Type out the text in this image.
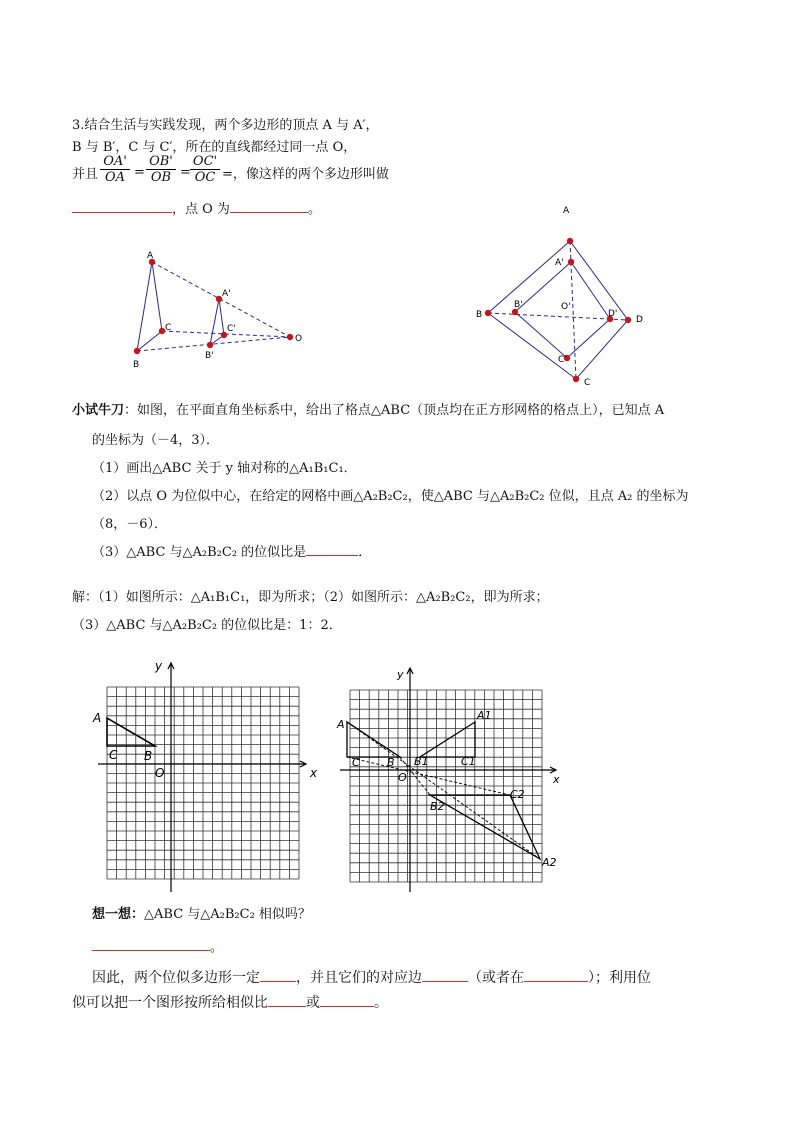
3.结合生活与实践发现，两个多边形的顶点 A 与 A′，
B 与 B′，C 与 C′，所在的直线都经过同一点 O，
并且 $\frac{OA'}{OA} = \frac{OB'}{OB} = \frac{OC'}{OC}$ =，像这样的两个多边形叫做
，点 O 为	。
A
B
C
A'
B'
C'
O
A
A'
B
B'
C
C'
D
D'
O'
小试牛刀：如图，在平面直角坐标系中，给出了格点△ABC（顶点均在正方形网格的格点上），已知点 A
的坐标为（－4，3）．
（1）画出△ABC 关于 y 轴对称的△A₁B₁C₁．
（2）以点 O 为位似中心，在给定的网格中画△A₂B₂C₂，使△ABC 与△A₂B₂C₂ 位似，且点 A₂ 的坐标为
（8，－6）．
（3）△ABC 与△A₂B₂C₂ 的位似比是	．
解：（1）如图所示：△A₁B₁C₁，即为所求；（2）如图所示：△A₂B₂C₂，即为所求；
（3）△ABC 与△A₂B₂C₂ 的位似比是：1：2．
y
x
O
A
B
C
y
x
O
A
B
C
A1
B1	C1
A2
B2
C2
想一想：△ABC 与△A₂B₂C₂ 相似吗？
。
因此，两个位似多边形一定	，并且它们的对应边	（或者在	）；利用位
似可以把一个图形按所给相似比	或	。
